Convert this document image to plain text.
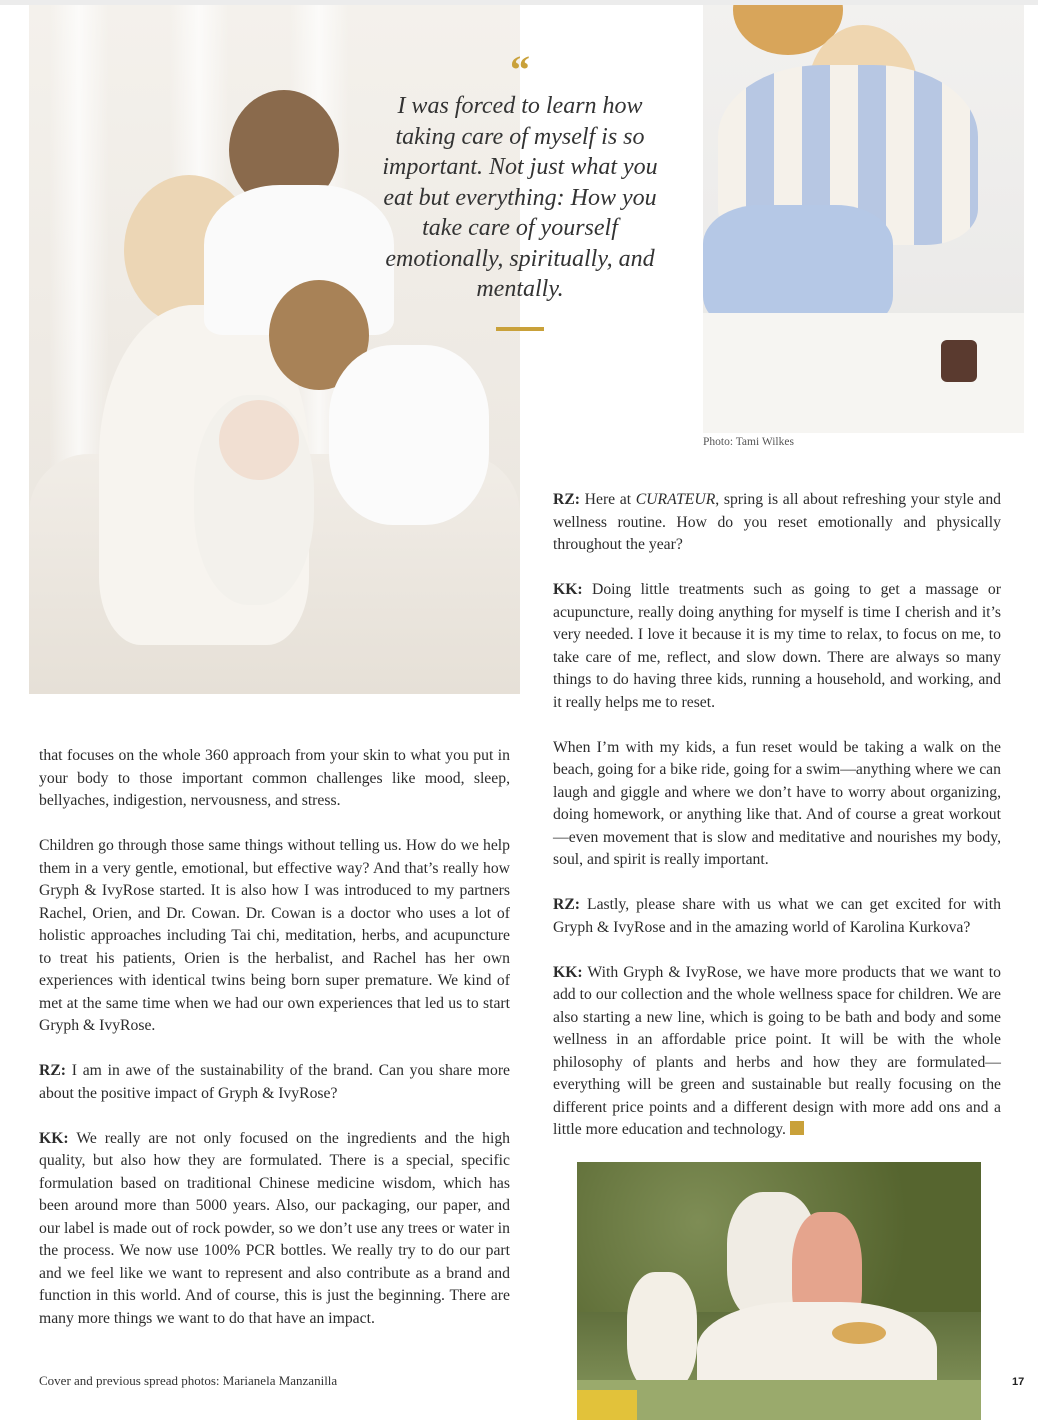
“
I was forced to learn how taking care of myself is so important. Not just what you eat but everything: How you take care of yourself emotionally, spiritually, and mentally.
Photo: Tami Wilkes

that focuses on the whole 360 approach from your skin to what you put in your body to those important common challenges like mood, sleep, bellyaches, indigestion, nervousness, and stress.

Children go through those same things without telling us. How do we help them in a very gentle, emotional, but effective way? And that’s really how Gryph & IvyRose started. It is also how I was introduced to my partners Rachel, Orien, and Dr. Cowan. Dr. Cowan is a doctor who uses a lot of holistic approaches including Tai chi, meditation, herbs, and acupuncture to treat his patients, Orien is the herbalist, and Rachel has her own experiences with identical twins being born super premature. We kind of met at the same time when we had our own experiences that led us to start Gryph & IvyRose.

RZ: I am in awe of the sustainability of the brand. Can you share more about the positive impact of Gryph & IvyRose?

KK: We really are not only focused on the ingredients and the high quality, but also how they are formulated. There is a special, specific formulation based on traditional Chinese medicine wisdom, which has been around more than 5000 years. Also, our packaging, our paper, and our label is made out of rock powder, so we don’t use any trees or water in the process. We now use 100% PCR bottles. We really try to do our part and we feel like we want to represent and also contribute as a brand and function in this world. And of course, this is just the beginning. There are many more things we want to do that have an impact.

RZ: Here at CURATEUR, spring is all about refreshing your style and wellness routine. How do you reset emotionally and physically throughout the year?

KK: Doing little treatments such as going to get a massage or acupuncture, really doing anything for myself is time I cherish and it’s very needed. I love it because it is my time to relax, to focus on me, to take care of me, reflect, and slow down. There are always so many things to do having three kids, running a household, and working, and it really helps me to reset.

When I’m with my kids, a fun reset would be taking a walk on the beach, going for a bike ride, going for a swim—anything where we can laugh and giggle and where we don’t have to worry about organizing, doing homework, or anything like that. And of course a great workout—even movement that is slow and meditative and nourishes my body, soul, and spirit is really important.

RZ: Lastly, please share with us what we can get excited for with Gryph & IvyRose and in the amazing world of Karolina Kurkova?

KK: With Gryph & IvyRose, we have more products that we want to add to our collection and the whole wellness space for children. We are also starting a new line, which is going to be bath and body and some wellness in an affordable price point. It will be with the whole philosophy of plants and herbs and how they are formulated—everything will be green and sustainable but really focusing on the different price points and a different design with more add ons and a little more education and technology.

Cover and previous spread photos: Marianela Manzanilla	17
